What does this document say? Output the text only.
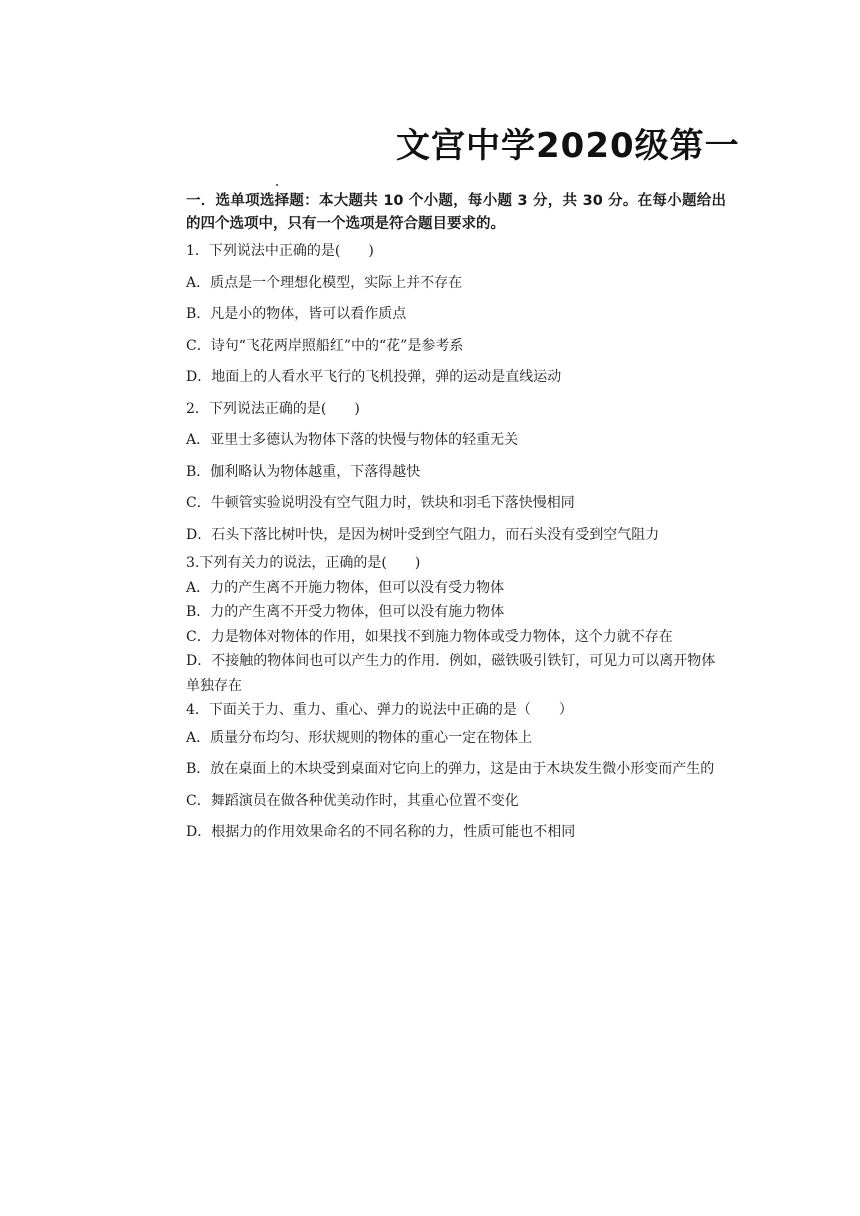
文宫中学2020级第一
一．选单项选择题：本大题共 10 个小题，每小题 3 分，共 30 分。在每小题给出的四个选项中，只有一个选项是符合题目要求的。

1．下列说法中正确的是(　　)

A．质点是一个理想化模型，实际上并不存在

B．凡是小的物体，皆可以看作质点

C．诗句“飞花两岸照船红”中的“花”是参考系

D．地面上的人看水平飞行的飞机投弹，弹的运动是直线运动

2．下列说法正确的是(　　)

A．亚里士多德认为物体下落的快慢与物体的轻重无关

B．伽利略认为物体越重，下落得越快

C．牛顿管实验说明没有空气阻力时，铁块和羽毛下落快慢相同

D．石头下落比树叶快，是因为树叶受到空气阻力，而石头没有受到空气阻力

3.下列有关力的说法，正确的是(　　)

A．力的产生离不开施力物体，但可以没有受力物体

B．力的产生离不开受力物体，但可以没有施力物体

C．力是物体对物体的作用，如果找不到施力物体或受力物体，这个力就不存在

D．不接触的物体间也可以产生力的作用．例如，磁铁吸引铁钉，可见力可以离开物体单独存在

4．下面关于力、重力、重心、弹力的说法中正确的是（　　）

A．质量分布均匀、形状规则的物体的重心一定在物体上

B．放在桌面上的木块受到桌面对它向上的弹力，这是由于木块发生微小形变而产生的

C．舞蹈演员在做各种优美动作时，其重心位置不变化

D．根据力的作用效果命名的不同名称的力，性质可能也不相同
